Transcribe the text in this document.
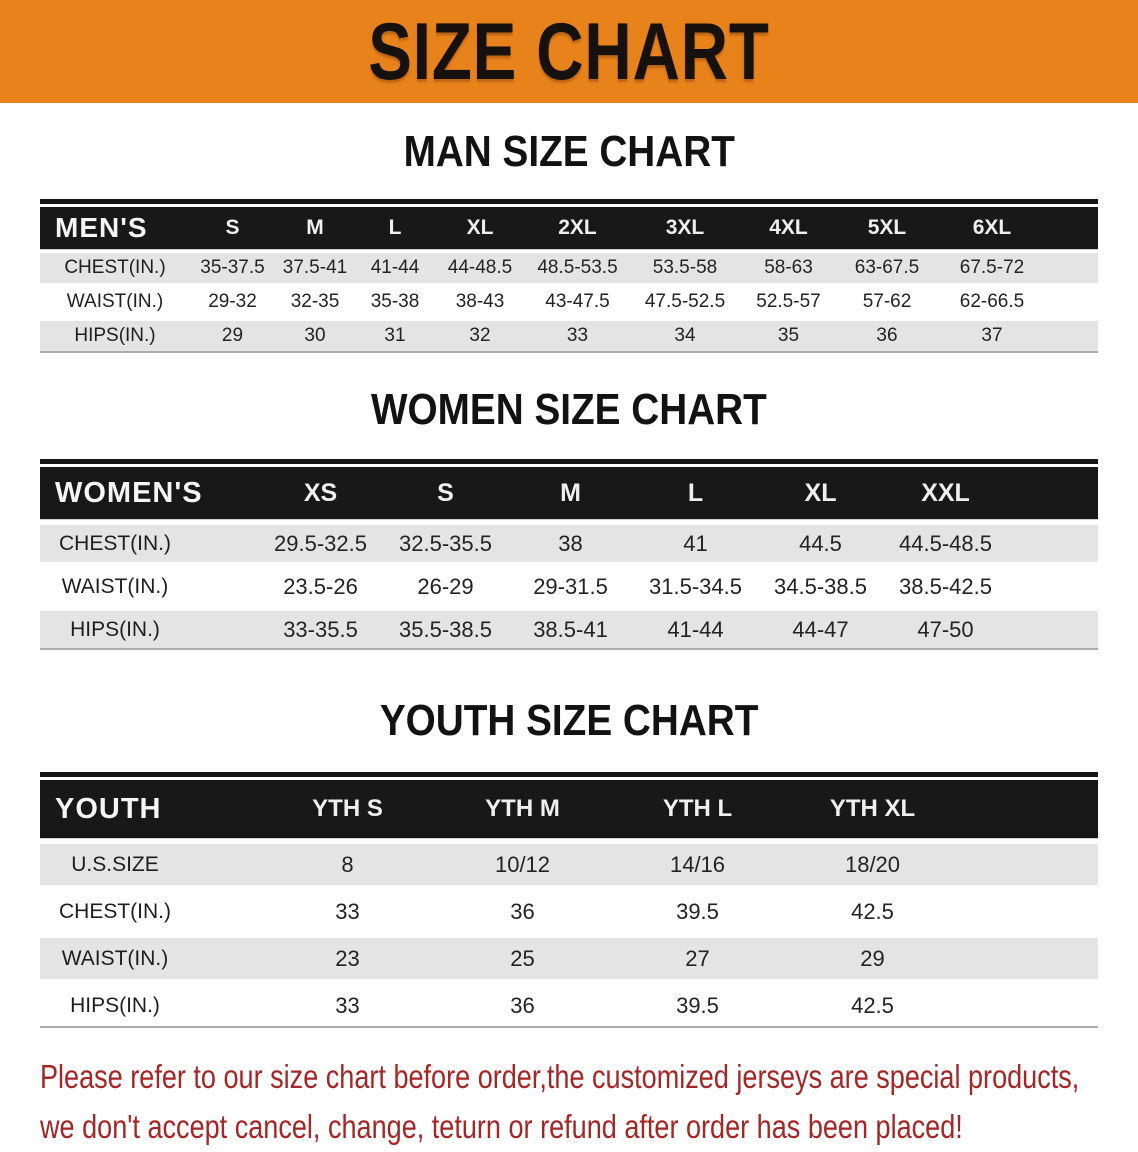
SIZE CHART
MAN SIZE CHART
MEN'S	S	M	L	XL	2XL	3XL	4XL	5XL	6XL
CHEST(IN.)	35-37.5 37.5-41	41-44	44-48.5	48.5-53.5	53.5-58	58-63	63-67.5	67.5-72
WAIST(IN.)	29-32	32-35	35-38	38-43	43-47.5	47.5-52.5	52.5-57	57-62	62-66.5
HIPS(IN.)	29	30	31	32	33	34	35	36	37
WOMEN SIZE CHART
WOMEN'S	XS	S	M	L	XL	XXL
CHEST(IN.)	29.5-32.5	32.5-35.5	38	41	44.5	44.5-48.5
WAIST(IN.)	23.5-26	26-29	29-31.5	31.5-34.5	34.5-38.5	38.5-42.5
HIPS(IN.)	33-35.5	35.5-38.5	38.5-41	41-44	44-47	47-50
YOUTH SIZE CHART
YOUTH	YTH S	YTH M	YTH L	YTH XL
U.S.SIZE	8	10/12	14/16	18/20
CHEST(IN.)	33	36	39.5	42.5
WAIST(IN.)	23	25	27	29
HIPS(IN.)	33	36	39.5	42.5
Please refer to our size chart before order,the customized jerseys are special products,
we don't accept cancel, change, teturn or refund after order has been placed!
